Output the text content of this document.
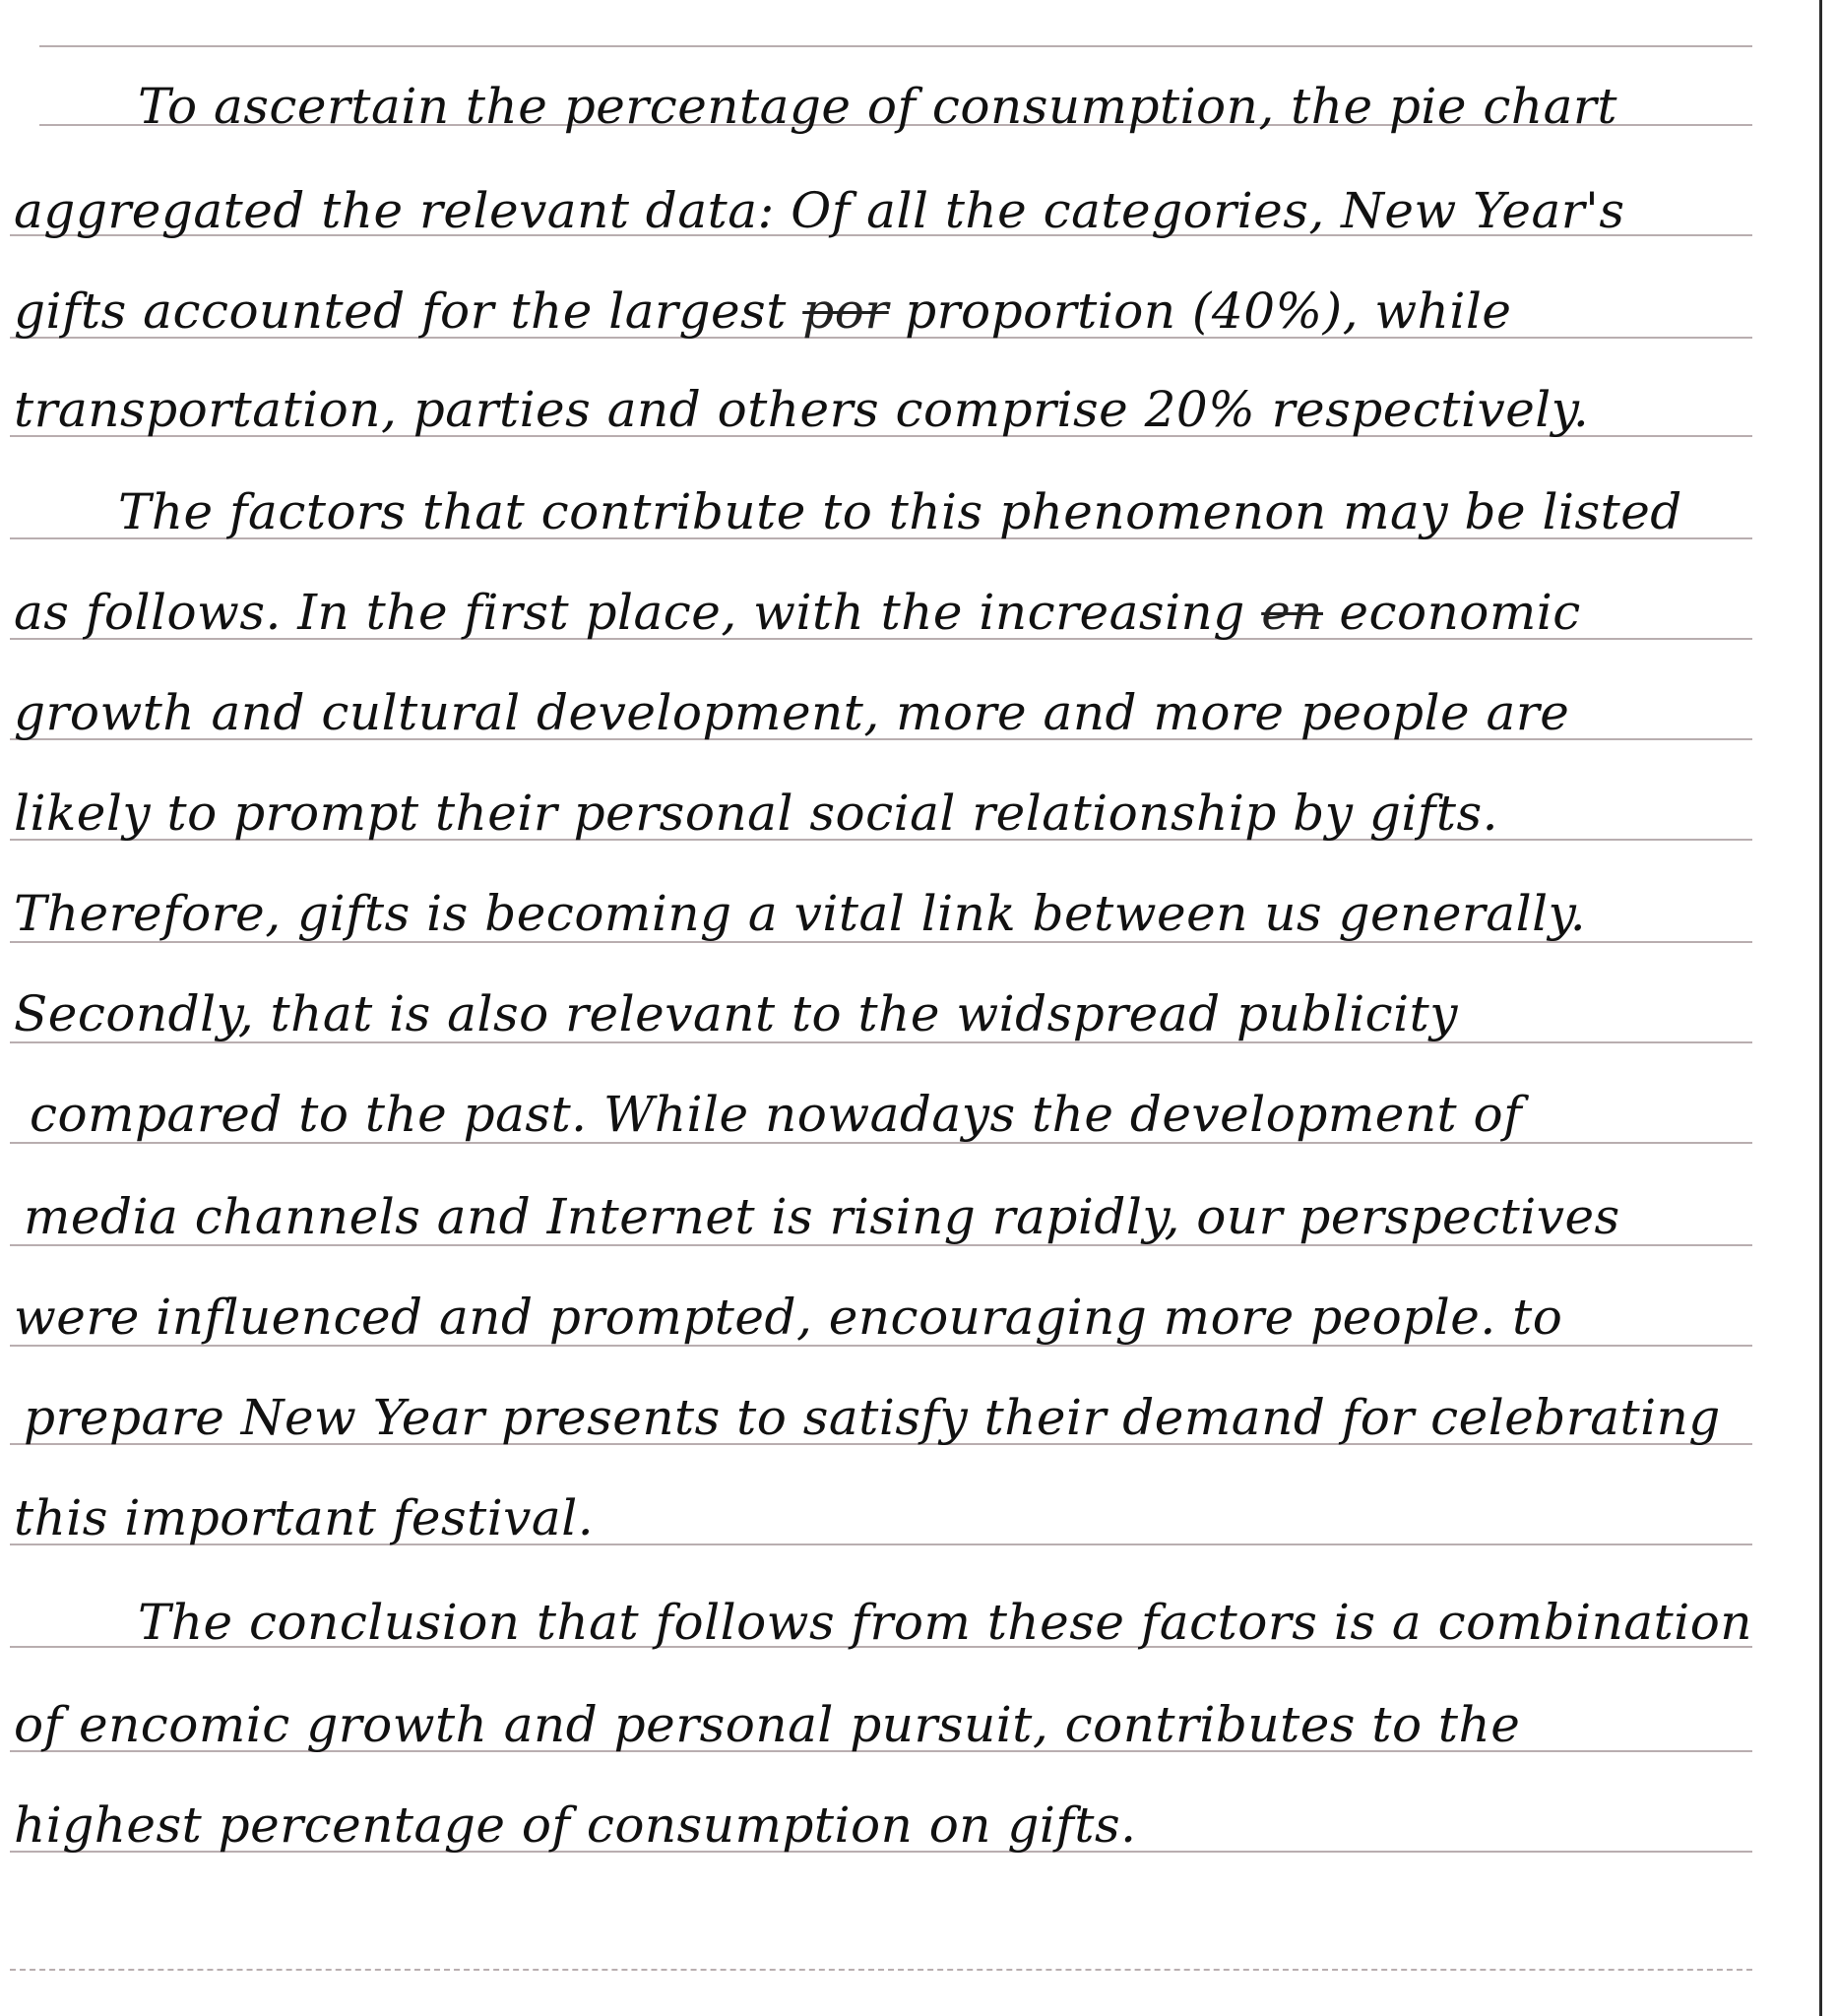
To ascertain the percentage of consumption, the pie chart
aggregated the relevant data: Of all the categories, New Year's
gifts accounted for the largest por proportion (40%), while
transportation, parties and others comprise 20% respectively.
The factors that contribute to this phenomenon may be listed
as follows. In the first place, with the increasing en economic
growth and cultural development, more and more people are
likely to prompt their personal social relationship by gifts.
Therefore, gifts is becoming a vital link between us generally.
Secondly, that is also relevant to the widspread publicity
compared to the past. While nowadays the development of
media channels and Internet is rising rapidly, our perspectives
were influenced and prompted, encouraging more people. to
prepare New Year presents to satisfy their demand for celebrating
this important festival.
The conclusion that follows from these factors is a combination
of encomic growth and personal pursuit, contributes to the
highest percentage of consumption on gifts.
